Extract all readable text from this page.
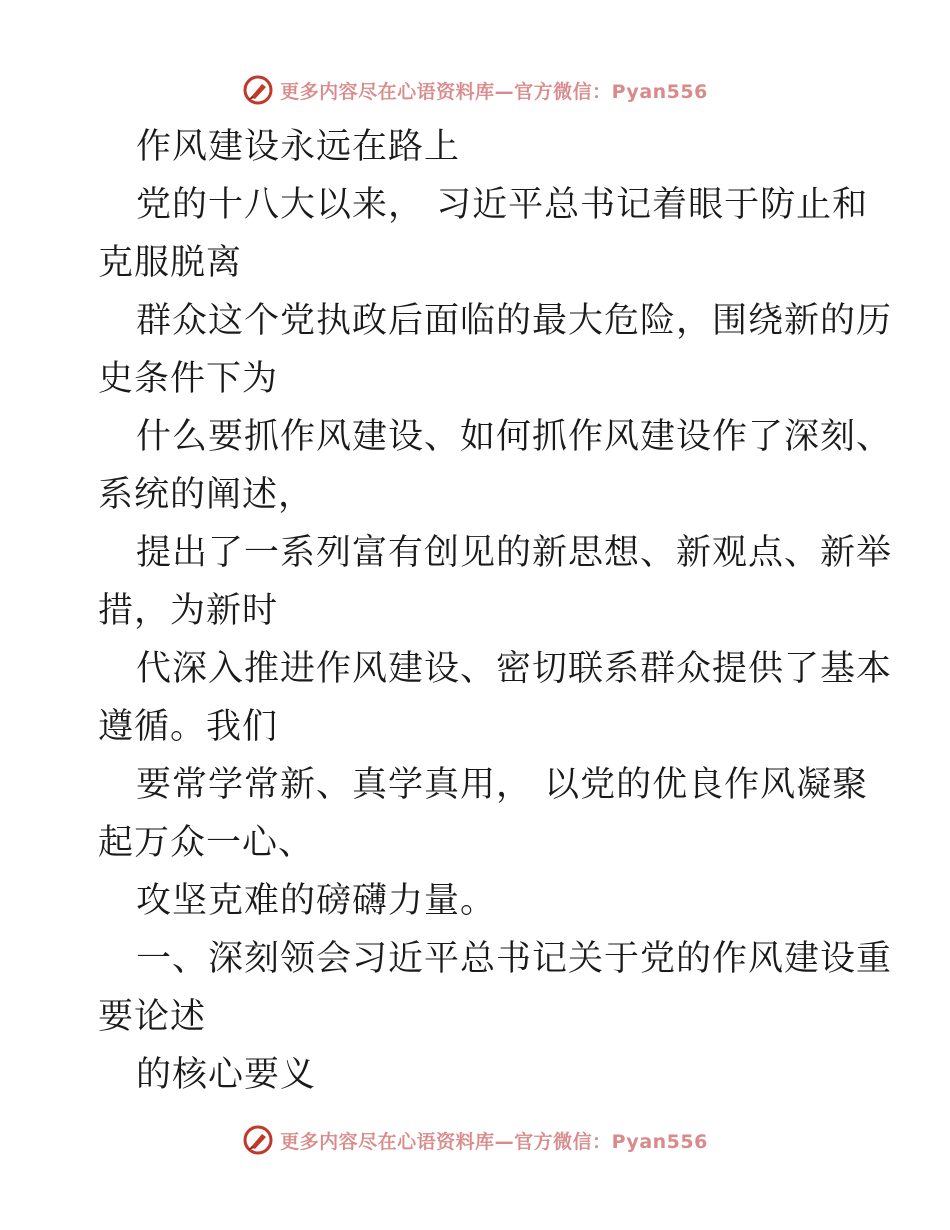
更多内容尽在心语资料库—官方微信：Pyan556
作风建设永远在路上
党的十八大以来， 习近平总书记着眼于防止和
克服脱离
群众这个党执政后面临的最大危险，围绕新的历
史条件下为
什么要抓作风建设、如何抓作风建设作了深刻、
系统的阐述，
提出了一系列富有创见的新思想、新观点、新举
措，为新时
代深入推进作风建设、密切联系群众提供了基本
遵循。我们
要常学常新、真学真用， 以党的优良作风凝聚
起万众一心、
攻坚克难的磅礴力量。
一、深刻领会习近平总书记关于党的作风建设重
要论述
的核心要义
更多内容尽在心语资料库—官方微信：Pyan556
